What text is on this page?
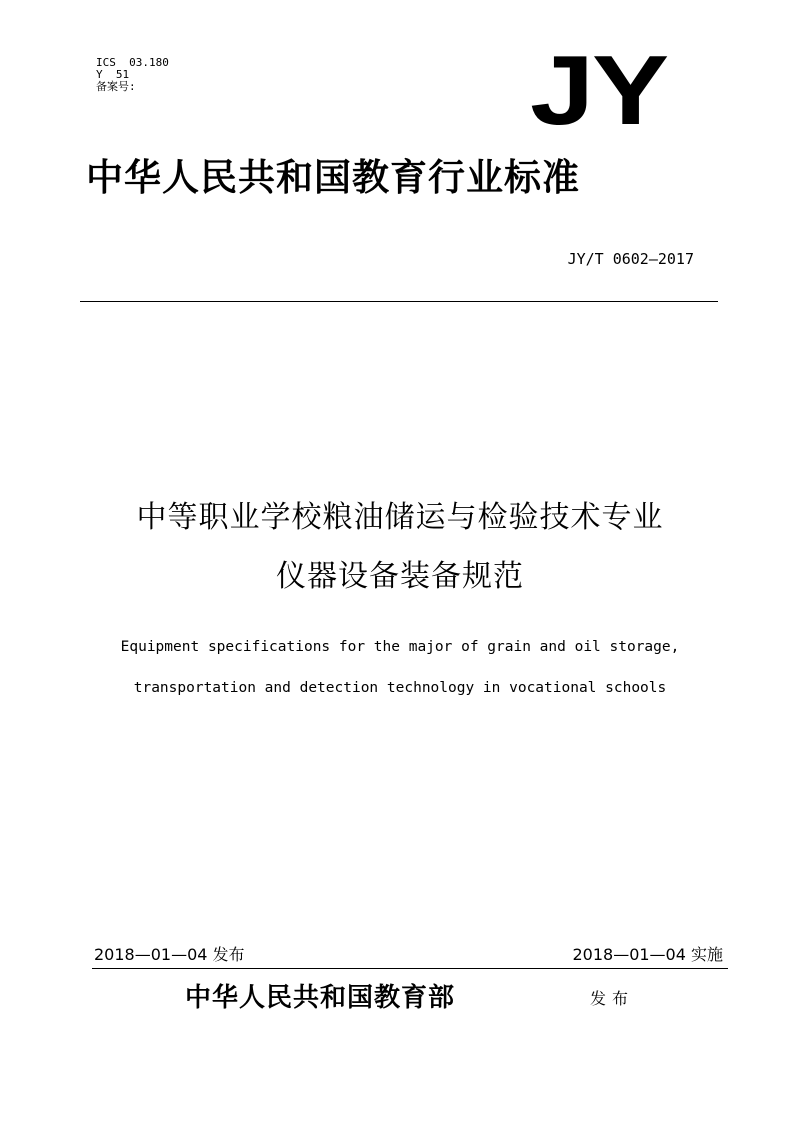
ICS  03.180
Y  51
备案号:	JY
中华人民共和国教育行业标准
JY/T 0602—2017
中等职业学校粮油储运与检验技术专业
仪器设备装备规范
Equipment specifications for the major of grain and oil storage,
transportation and detection technology in vocational schools
2018—01—04 发布	2018—01—04 实施
中华人民共和国教育部	发布
